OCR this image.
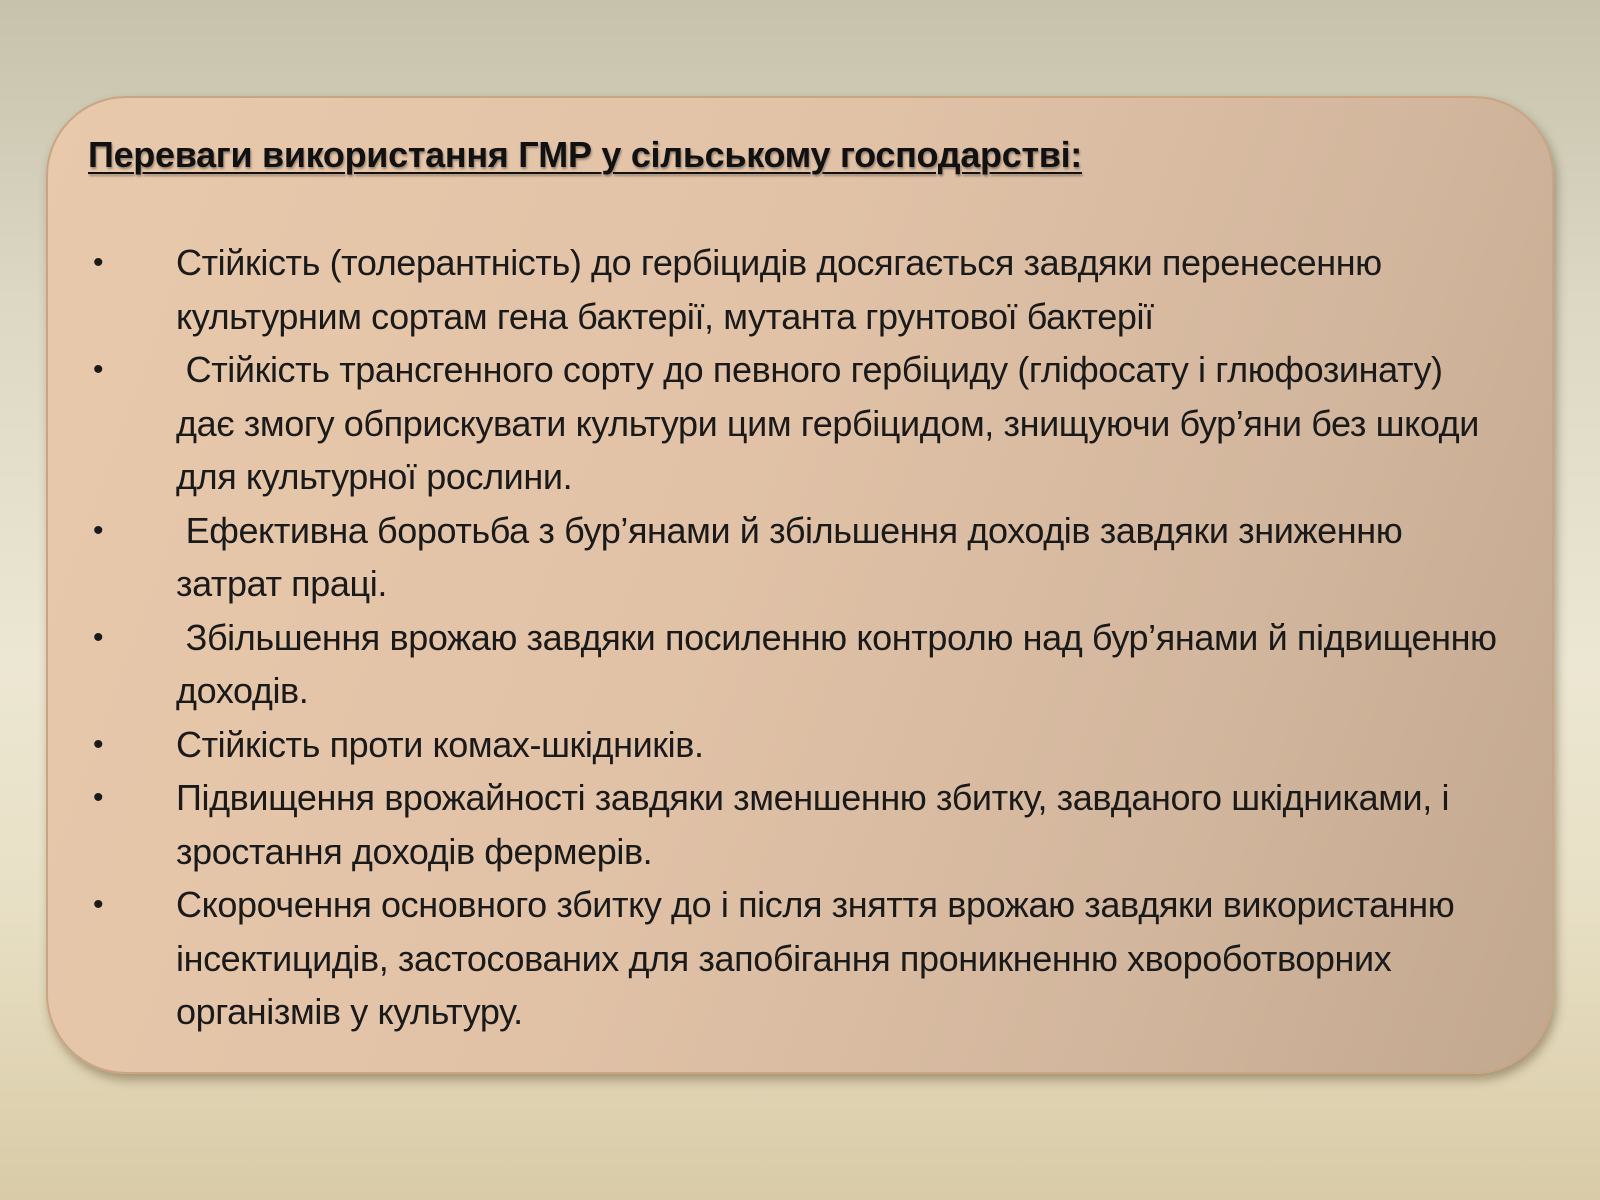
Переваги використання ГМР у сільському господарстві:
• Стійкість (толерантність) до гербіцидів досягається завдяки перенесенню культурним сортам гена бактерії, мутанта грунтової бактерії
• Стійкість трансгенного сорту до певного гербіциду (гліфосату і глюфозинату) дає змогу обприскувати культури цим гербіцидом, знищуючи бур’яни без шкоди для культурної рослини.
• Ефективна боротьба з бур’янами й збільшення доходів завдяки зниженню затрат праці.
• Збільшення врожаю завдяки посиленню контролю над бур’янами й підвищенню доходів.
• Стійкість проти комах-шкідників.
• Підвищення врожайності завдяки зменшенню збитку, завданого шкідниками, і зростання доходів фермерів.
• Скорочення основного збитку до і після зняття врожаю завдяки використанню інсектицидів, застосованих для запобігання проникненню хвороботворних організмів у культуру.
